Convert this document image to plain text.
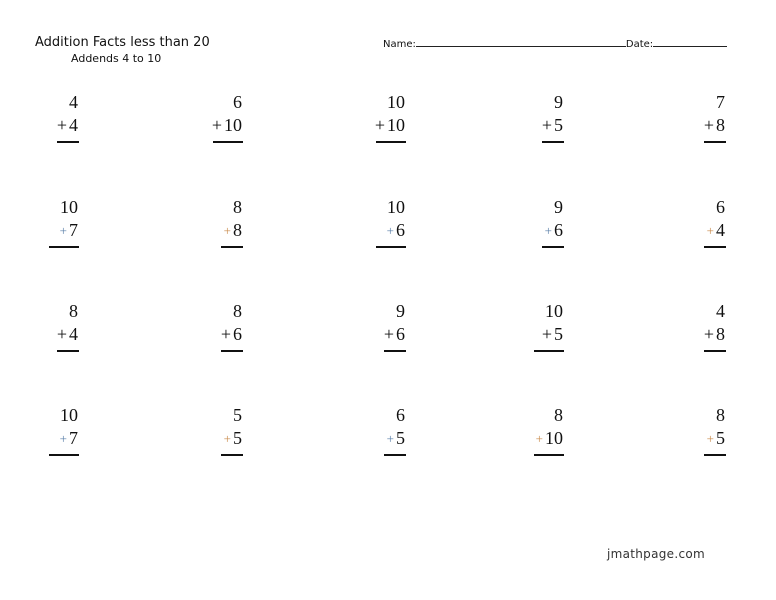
Addition Facts less than 20
Addends 4 to 10
Name:	Date:
4
+ 4
6
+ 10
10
+ 10
9
+ 5
7
+ 8
10
+ 7
8
+ 8
10
+ 6
9
+ 6
6
+ 4
8
+ 4
8
+ 6
9
+ 6
10
+ 5
4
+ 8
10
+ 7
5
+ 5
6
+ 5
8
+ 10
8
+ 5
jmathpage.com
